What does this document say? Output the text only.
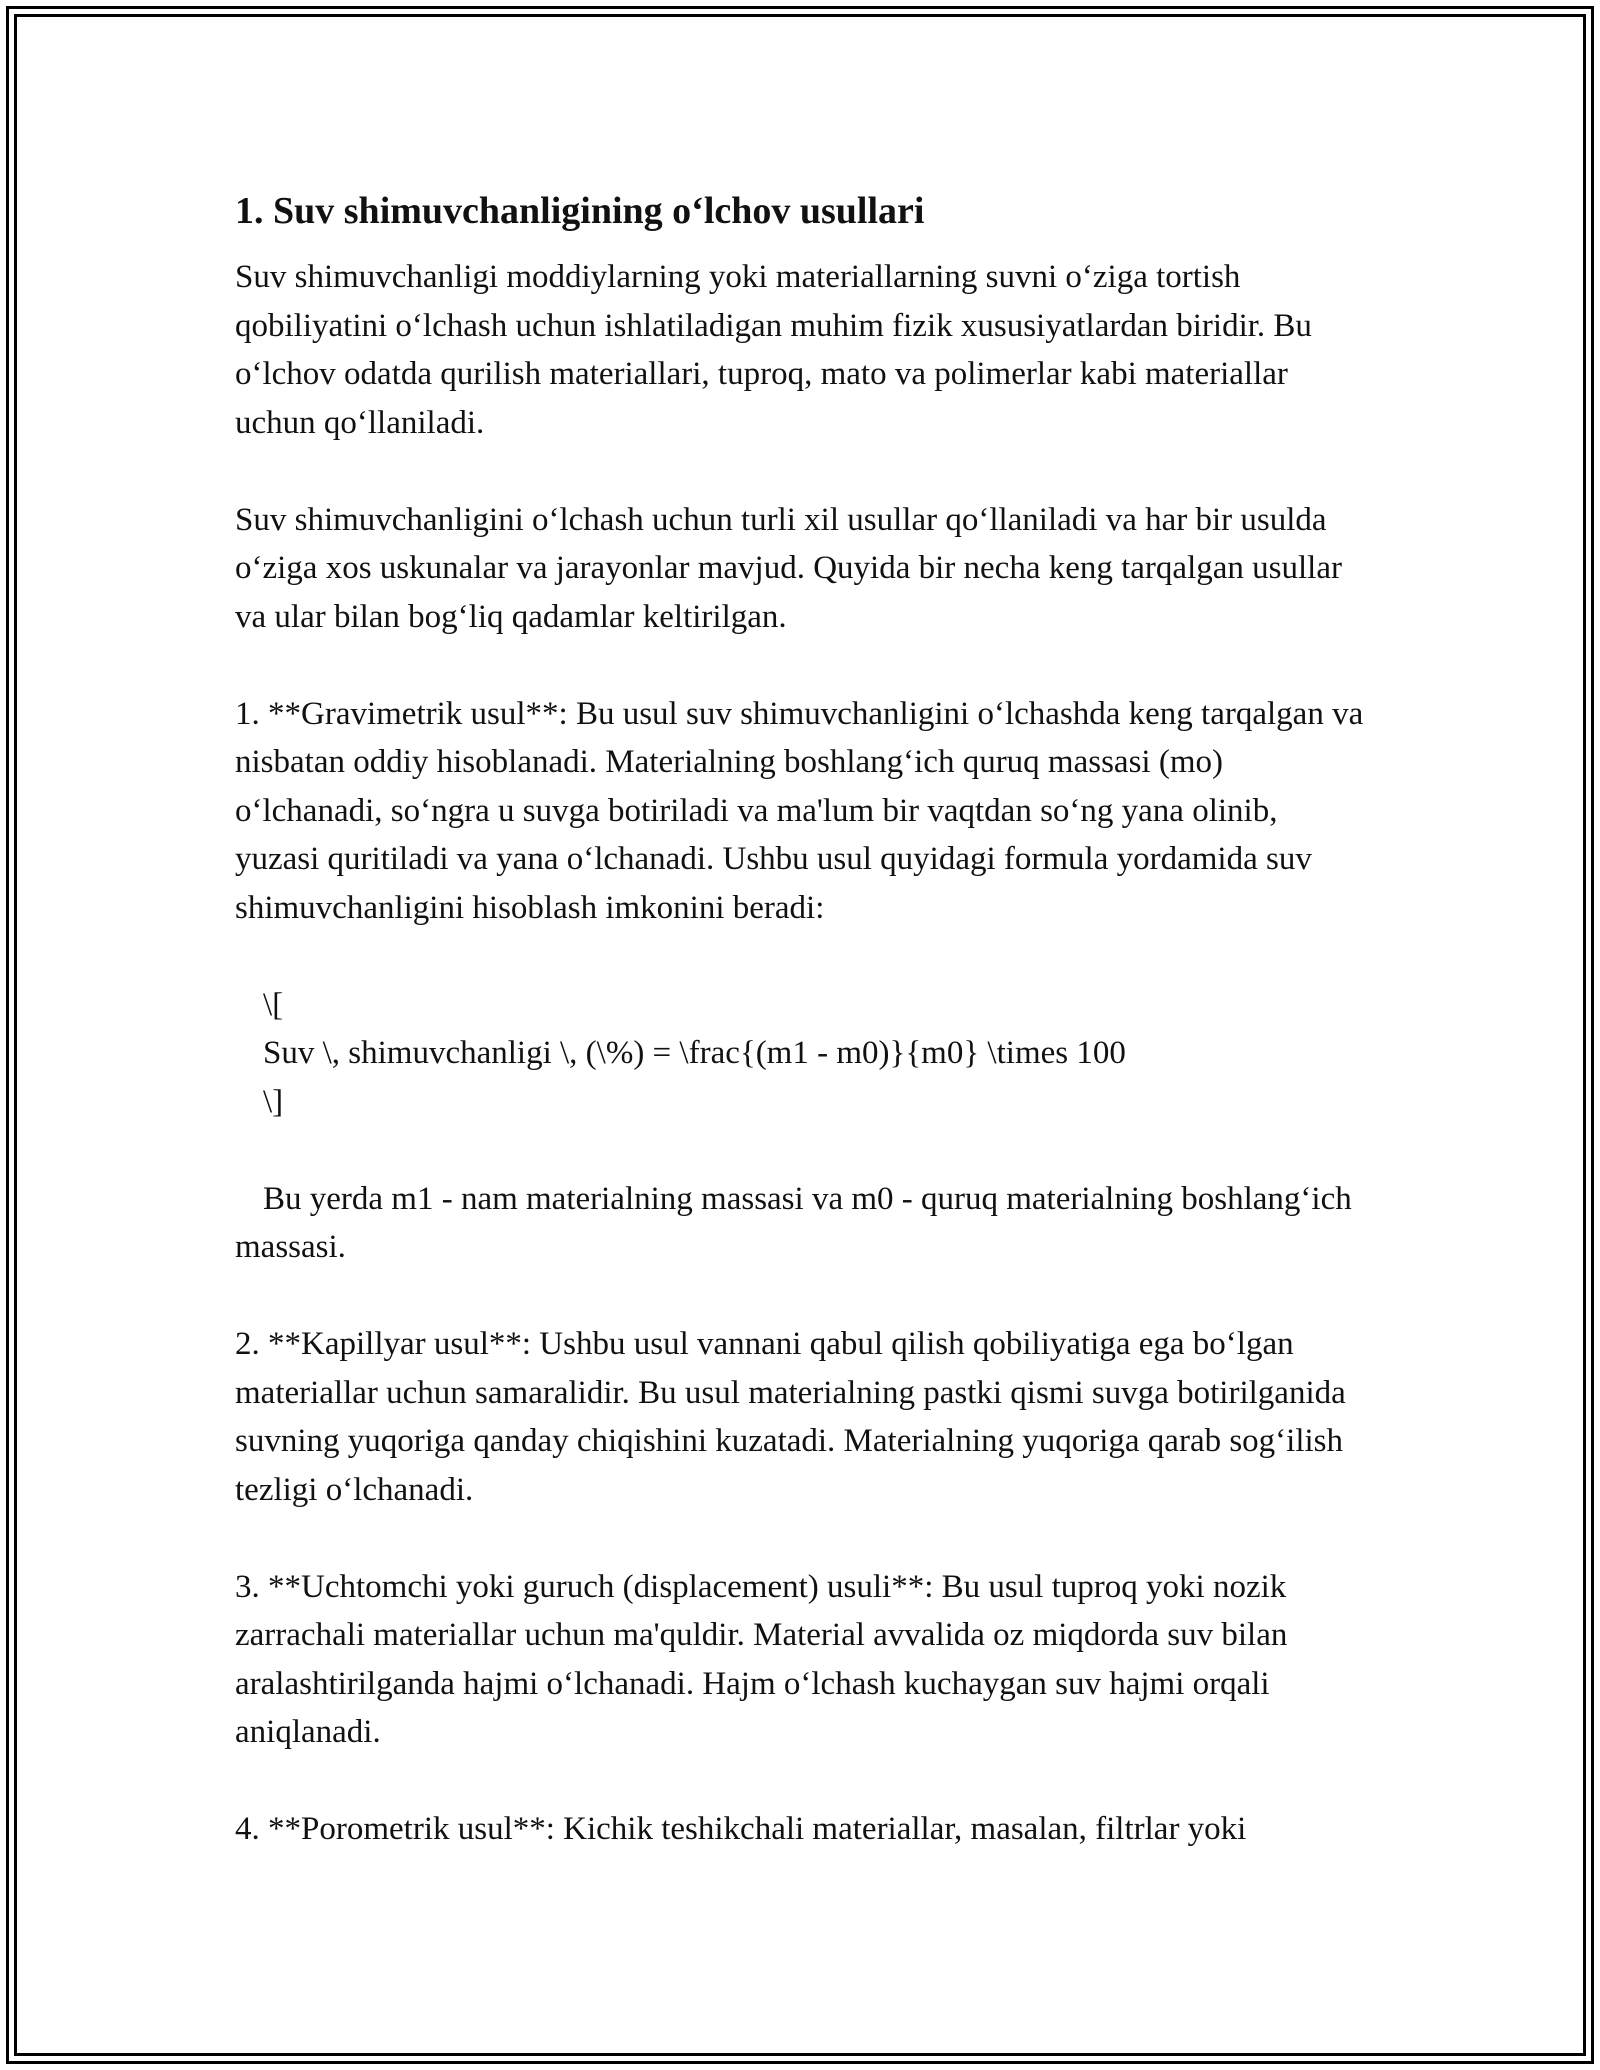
1. Suv shimuvchanligining o‘lchov usullari

Suv shimuvchanligi moddiylarning yoki materiallarning suvni o‘ziga tortish qobiliyatini o‘lchash uchun ishlatiladigan muhim fizik xususiyatlardan biridir. Bu o‘lchov odatda qurilish materiallari, tuproq, mato va polimerlar kabi materiallar uchun qo‘llaniladi.

Suv shimuvchanligini o‘lchash uchun turli xil usullar qo‘llaniladi va har bir usulda o‘ziga xos uskunalar va jarayonlar mavjud. Quyida bir necha keng tarqalgan usullar va ular bilan bog‘liq qadamlar keltirilgan.

1. **Gravimetrik usul**: Bu usul suv shimuvchanligini o‘lchashda keng tarqalgan va nisbatan oddiy hisoblanadi. Materialning boshlang‘ich quruq massasi (mo) o‘lchanadi, so‘ngra u suvga botiriladi va ma'lum bir vaqtdan so‘ng yana olinib, yuzasi quritiladi va yana o‘lchanadi. Ushbu usul quyidagi formula yordamida suv shimuvchanligini hisoblash imkonini beradi:

\[
Suv \, shimuvchanligi \, (\%) = \frac{(m1 - m0)}{m0} \times 100
\]

Bu yerda m1 - nam materialning massasi va m0 - quruq materialning boshlang‘ich massasi.

2. **Kapillyar usul**: Ushbu usul vannani qabul qilish qobiliyatiga ega bo‘lgan materiallar uchun samaralidir. Bu usul materialning pastki qismi suvga botirilganida suvning yuqoriga qanday chiqishini kuzatadi. Materialning yuqoriga qarab sog‘ilish tezligi o‘lchanadi.

3. **Uchtomchi yoki guruch (displacement) usuli**: Bu usul tuproq yoki nozik zarrachali materiallar uchun ma'quldir. Material avvalida oz miqdorda suv bilan aralashtirilganda hajmi o‘lchanadi. Hajm o‘lchash kuchaygan suv hajmi orqali aniqlanadi.

4. **Porometrik usul**: Kichik teshikchali materiallar, masalan, filtrlar yoki
